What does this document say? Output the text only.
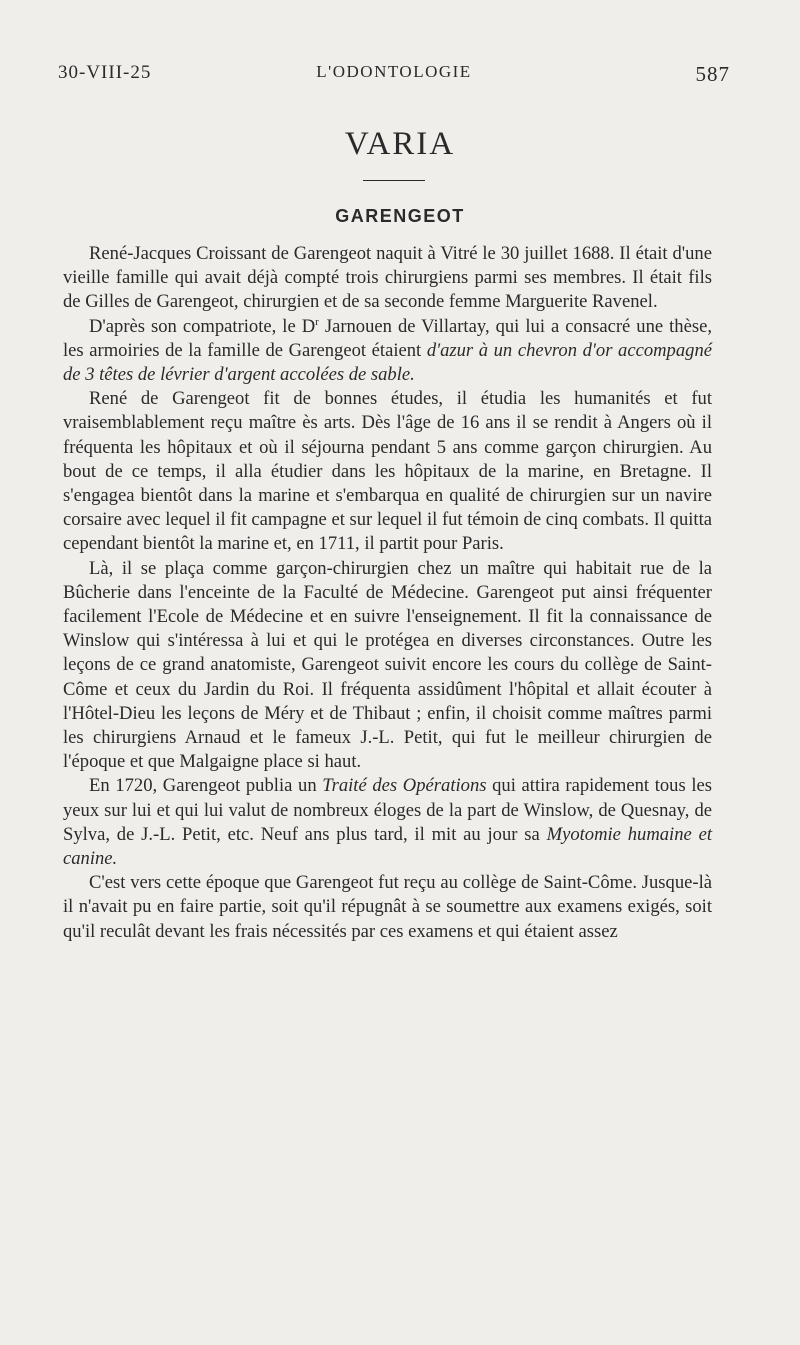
30-VIII-25	L'ODONTOLOGIE	587
VARIA
GARENGEOT

René-Jacques Croissant de Garengeot naquit à Vitré le 30 juillet 1688. Il était d'une vieille famille qui avait déjà compté trois chirurgiens parmi ses membres. Il était fils de Gilles de Garengeot, chirurgien et de sa seconde femme Marguerite Ravenel.

D'après son compatriote, le $D^r$ Jarnouen de Villartay, qui lui a consacré une thèse, les armoiries de la famille de Garengeot étaient d'azur à un chevron d'or accompagné de 3 têtes de lévrier d'argent accolées de sable.

René de Garengeot fit de bonnes études, il étudia les humanités et fut vraisemblablement reçu maître ès arts. Dès l'âge de 16 ans il se rendit à Angers où il fréquenta les hôpitaux et où il séjourna pendant 5 ans comme garçon chirurgien. Au bout de ce temps, il alla étudier dans les hôpitaux de la marine, en Bretagne. Il s'engagea bientôt dans la marine et s'embarqua en qualité de chirurgien sur un navire corsaire avec lequel il fit campagne et sur lequel il fut témoin de cinq combats. Il quitta cependant bientôt la marine et, en 1711, il partit pour Paris.

Là, il se plaça comme garçon-chirurgien chez un maître qui habitait rue de la Bûcherie dans l'enceinte de la Faculté de Médecine. Garengeot put ainsi fréquenter facilement l'Ecole de Médecine et en suivre l'enseignement. Il fit la connaissance de Winslow qui s'intéressa à lui et qui le protégea en diverses circonstances. Outre les leçons de ce grand anatomiste, Garengeot suivit encore les cours du collège de Saint-Côme et ceux du Jardin du Roi. Il fréquenta assidûment l'hôpital et allait écouter à l'Hôtel-Dieu les leçons de Méry et de Thibaut ; enfin, il choisit comme maîtres parmi les chirurgiens Arnaud et le fameux J.-L. Petit, qui fut le meilleur chirurgien de l'époque et que Malgaigne place si haut.

En 1720, Garengeot publia un Traité des Opérations qui attira rapidement tous les yeux sur lui et qui lui valut de nombreux éloges de la part de Winslow, de Quesnay, de Sylva, de J.-L. Petit, etc. Neuf ans plus tard, il mit au jour sa Myotomie humaine et canine.

C'est vers cette époque que Garengeot fut reçu au collège de Saint-Côme. Jusque-là il n'avait pu en faire partie, soit qu'il répugnât à se soumettre aux examens exigés, soit qu'il reculât devant les frais nécessités par ces examens et qui étaient assez
